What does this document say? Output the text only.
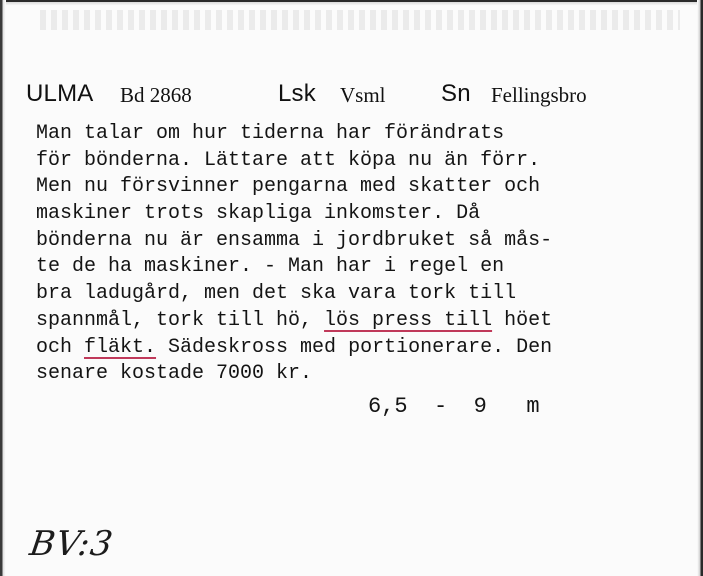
ULMA Bd 2868	Lsk Vsml Sn Fellingsbro
Man talar om hur tiderna har förändrats
för bönderna. Lättare att köpa nu än förr.
Men nu försvinner pengarna med skatter och
maskiner trots skapliga inkomster. Då
bönderna nu är ensamma i jordbruket så mås-
te de ha maskiner. - Man har i regel en
bra ladugård, men det ska vara tork till
spannmål, tork till hö, lös press till höet
och fläkt. Sädeskross med portionerare. Den
senare kostade 7000 kr.
6,5  -  9   m
BV:3
